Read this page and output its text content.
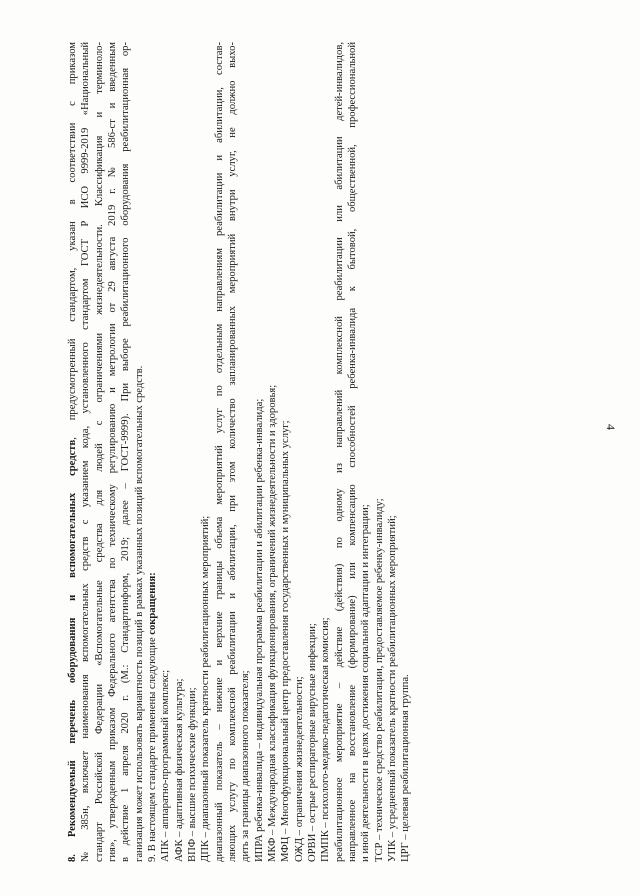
4
8. Рекомендуемый перечень оборудования и вспомогательных средств, предусмотренный стандартом, указан в соответствии с приказом № 385н, включает наименования вспомогательных средств с указанием кода, установленного стандартом ГОСТ Р ИСО 9999-2019 «Национальный стандарт Российской Федерации «Вспомогательные средства для людей с ограничениями жизнедеятельности. Классификация и терминоло- гия», утвержденным приказом Федерального агентства по техническому регулированию и метрологии от 29 августа 2019 г. № 586-ст и введенным в действие 1 апреля 2020 г. (М.: Стандартинформ, 2019; далее – ГОСТ-9999). При выборе реабилитационного оборудования реабилитационная ор- ганизация может использовать вариантность позиций в рамках указанных позиций вспомогательных средств. 9. В настоящем стандарте применены следующие сокращения:
АПК – аппаратно-программный комплекс; АФК – адаптивная физическая культура; ВПФ – высшие психические функции; ДПК – диапазонный показатель кратности реабилитационных мероприятий; диапазонный показатель – нижние и верхние границы объема мероприятий услуг по отдельным направлениям реабилитации и абилитации, состав- ляющих услугу по комплексной реабилитации и абилитации, при этом количество запланированных мероприятий внутри услуг, не должно выхо- дить за границы диапазонного показателя; ИПРА ребенка-инвалида – индивидуальная программа реабилитации и абилитации ребенка-инвалида; МКФ – Международная классификация функционирования, ограничений жизнедеятельности и здоровья; МФЦ – Многофункциональный центр предоставления государственных и муниципальных услуг; ОЖД – ограничения жизнедеятельности; ОРВИ – острые респираторные вирусные инфекции; ПМПК – психолого-медико-педагогическая комиссия; реабилитационное мероприятие – действие (действия) по одному из направлений комплексной реабилитации или абилитации детей-инвалидов, направленное на восстановление (формирование) или компенсацию способностей ребенка-инвалида к бытовой, общественной, профессиональной и иной деятельности в целях достижения социальной адаптации и интеграции; ТСР – техническое средство реабилитации, предоставляемое ребенку-инвалиду; УПК – усредненный показатель кратности реабилитационных мероприятий; ЦРГ – целевая реабилитационная группа.
